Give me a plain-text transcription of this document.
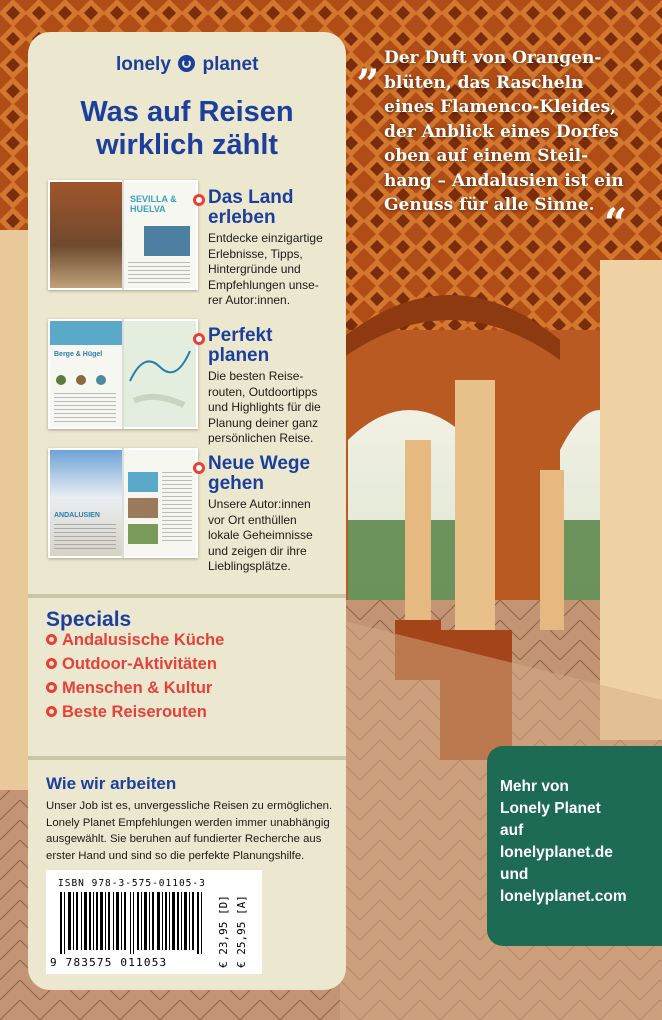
lonely planet
Was auf Reisen
wirklich zählt
SEVILLA &
HUELVA
Das Land
erleben
Entdecke einzigartige
Erlebnisse, Tipps,
Hintergründe und
Empfehlungen unse-
rer Autor:innen.
Berge & Hügel
Perfekt
planen
Die besten Reise-
routen, Outdoortipps
und Highlights für die
Planung deiner ganz
persönlichen Reise.
ANDALUSIEN
Neue Wege
gehen
Unsere Autor:innen
vor Ort enthüllen
lokale Geheimnisse
und zeigen dir ihre
Lieblingsplätze.
Specials
Andalusische Küche
Outdoor-Aktivitäten
Menschen & Kultur
Beste Reiserouten
Wie wir arbeiten
Unser Job ist es, unvergessliche Reisen zu ermöglichen.
Lonely Planet Empfehlungen werden immer unabhängig
ausgewählt. Sie beruhen auf fundierter Recherche aus
erster Hand und sind so die perfekte Planungshilfe.
ISBN 978-3-575-01105-3
9 783575 011053	€ 23,95 [D] € 25,95 [A]
„ Der Duft von Orangen-
blüten, das Rascheln
eines Flamenco-Kleides,
der Anblick eines Dorfes
oben auf einem Steil-
hang – Andalusien ist ein
Genuss für alle Sinne. “
Mehr von
Lonely Planet
auf
lonelyplanet.de
und
lonelyplanet.com
